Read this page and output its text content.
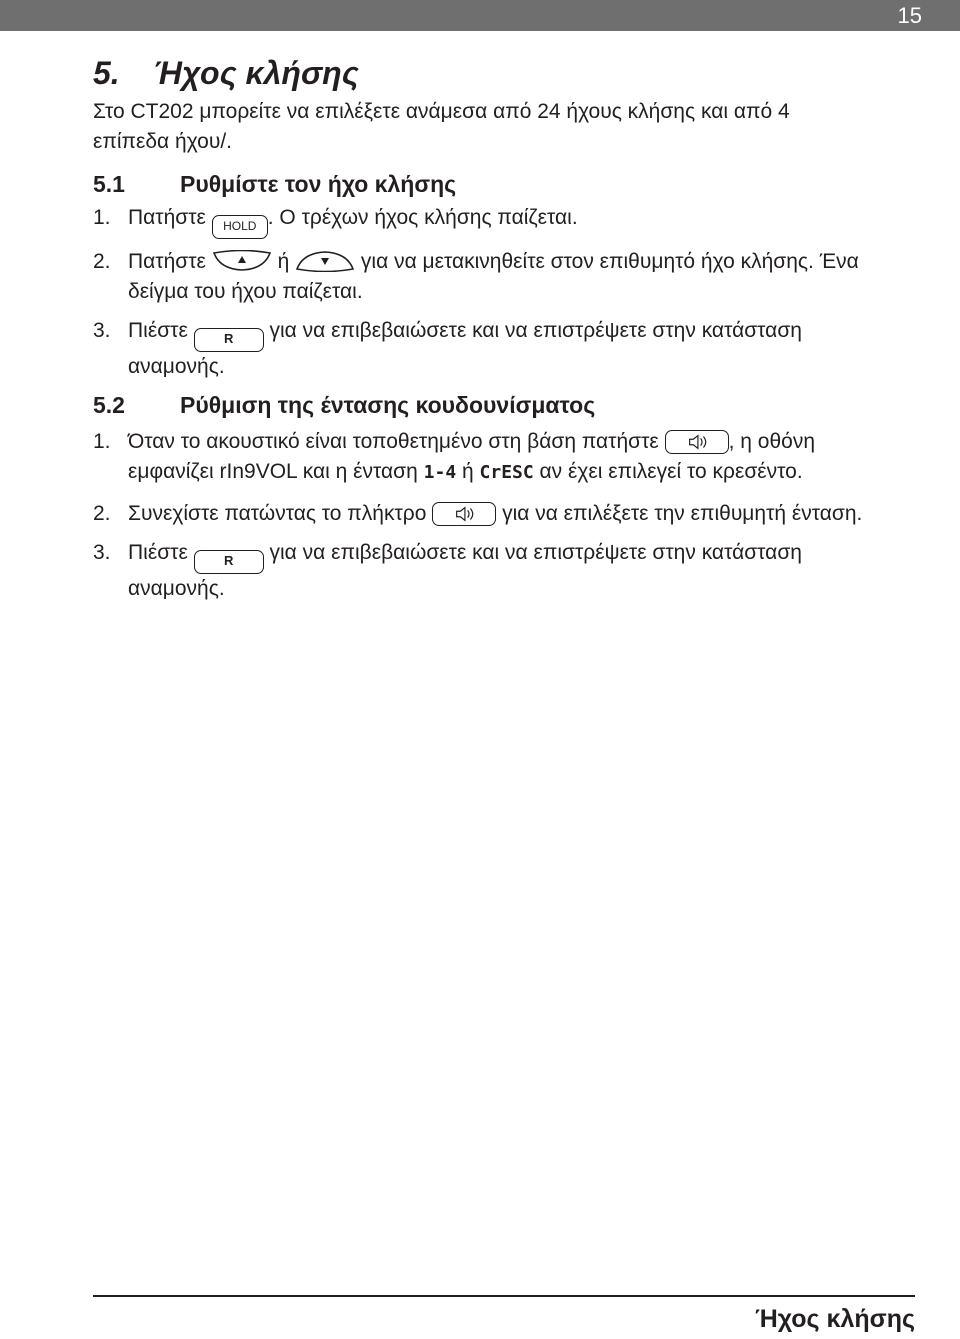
15
5. Ήχος κλήσης

Στο CT202 μπορείτε να επιλέξετε ανάμεσα από 24 ήχους κλήσης και από 4
επίπεδα ήχου/.

5.1 Ρυθμίστε τον ήχο κλήσης
1. Πατήστε HOLD . Ο τρέχων ήχος κλήσης παίζεται.
2. Πατήστε	ή	για να μετακινηθείτε στον επιθυμητό ήχο κλήσης. Ένα
δείγμα του ήχου παίζεται.
3. Πιέστε R για να επιβεβαιώσετε και να επιστρέψετε στην κατάσταση
αναμονής.
5.2 Ρύθμιση της έντασης κουδουνίσματος
1. Όταν το ακουστικό είναι τοποθετημένο στη βάση πατήστε	, η οθόνη
εμφανίζει rIn9VOL και η ένταση 1-4 ή CrESC αν έχει επιλεγεί το κρεσέντο.
2. Συνεχίστε πατώντας το πλήκτρο	για να επιλέξετε την επιθυμητή ένταση.
3. Πιέστε R για να επιβεβαιώσετε και να επιστρέψετε στην κατάσταση
αναμονής.
Ήχος κλήσης
